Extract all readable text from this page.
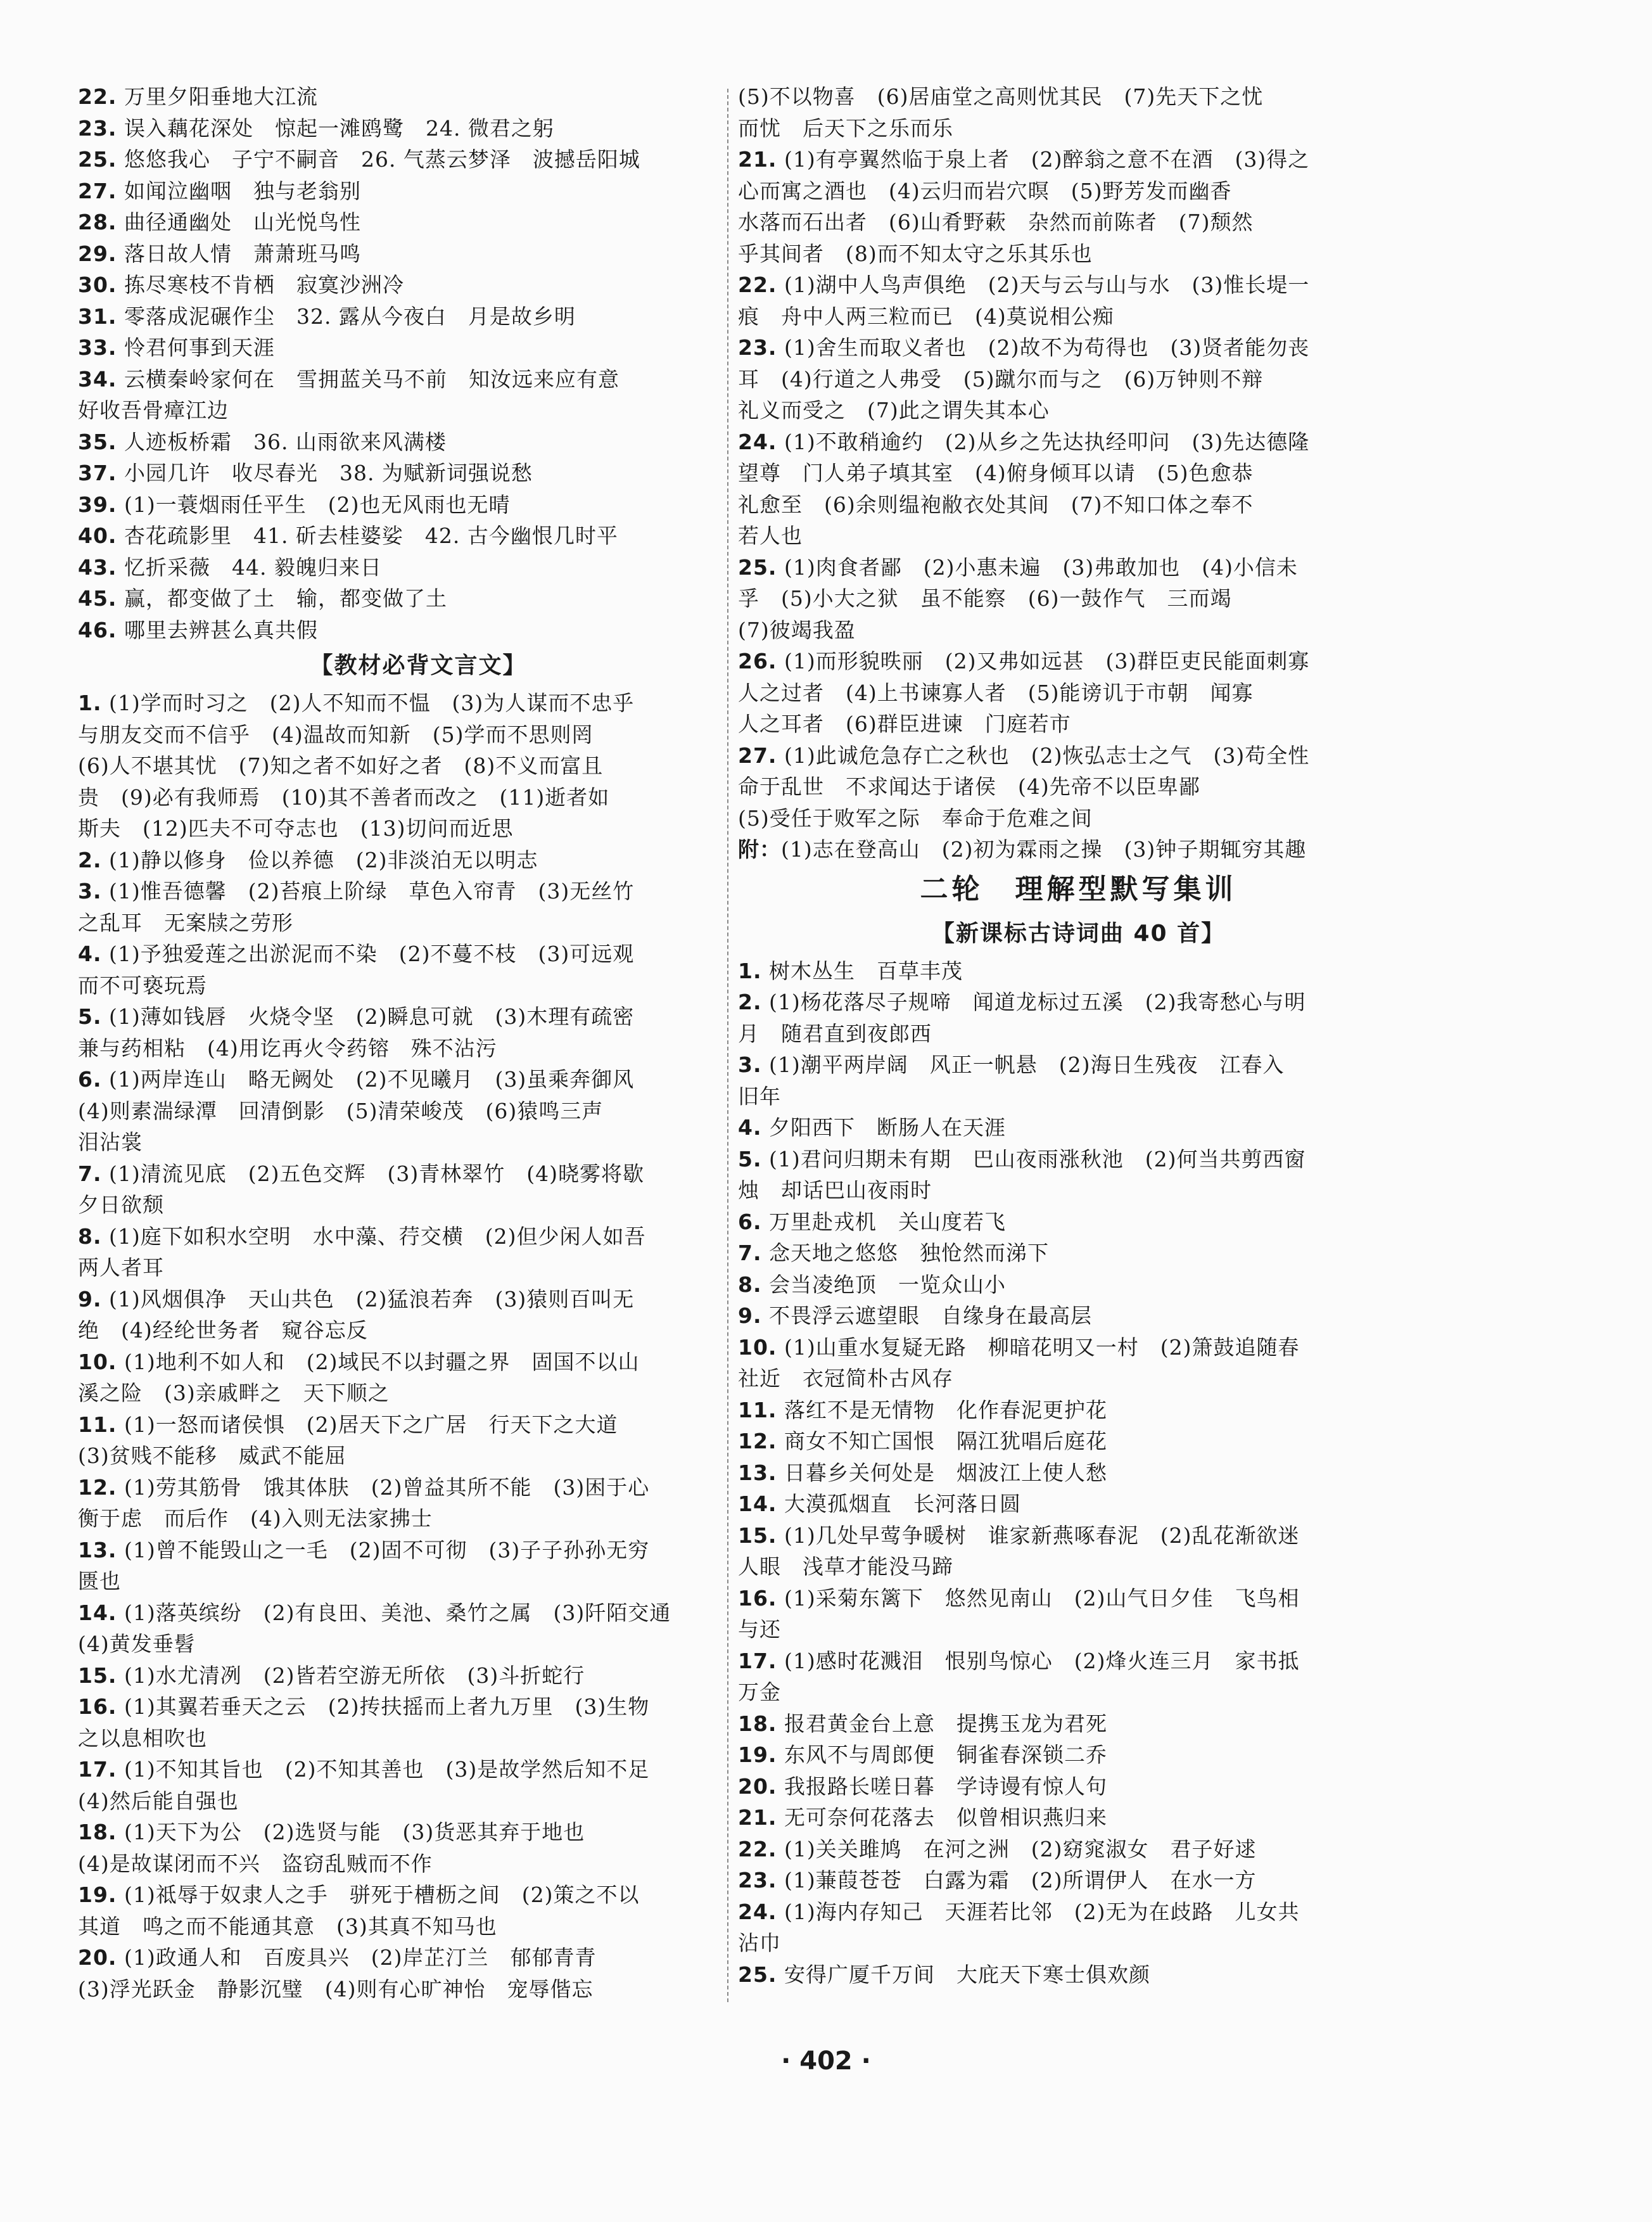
22. 万里夕阳垂地大江流
23. 误入藕花深处　惊起一滩鸥鹭　24. 微君之躬
25. 悠悠我心　子宁不嗣音　26. 气蒸云梦泽　波撼岳阳城
27. 如闻泣幽咽　独与老翁别
28. 曲径通幽处　山光悦鸟性
29. 落日故人情　萧萧班马鸣
30. 拣尽寒枝不肯栖　寂寞沙洲冷
31. 零落成泥碾作尘　32. 露从今夜白　月是故乡明
33. 怜君何事到天涯
34. 云横秦岭家何在　雪拥蓝关马不前　知汝远来应有意
好收吾骨瘴江边
35. 人迹板桥霜　36. 山雨欲来风满楼
37. 小园几许　收尽春光　38. 为赋新词强说愁
39. (1)一蓑烟雨任平生　(2)也无风雨也无晴
40. 杏花疏影里　41. 斫去桂婆娑　42. 古今幽恨几时平
43. 忆折采薇　44. 毅魄归来日
45. 赢，都变做了土　输，都变做了土
46. 哪里去辨甚么真共假
【教材必背文言文】
1. (1)学而时习之　(2)人不知而不愠　(3)为人谋而不忠乎
与朋友交而不信乎　(4)温故而知新　(5)学而不思则罔
(6)人不堪其忧　(7)知之者不如好之者　(8)不义而富且
贵　(9)必有我师焉　(10)其不善者而改之　(11)逝者如
斯夫　(12)匹夫不可夺志也　(13)切问而近思
2. (1)静以修身　俭以养德　(2)非淡泊无以明志
3. (1)惟吾德馨　(2)苔痕上阶绿　草色入帘青　(3)无丝竹
之乱耳　无案牍之劳形
4. (1)予独爱莲之出淤泥而不染　(2)不蔓不枝　(3)可远观
而不可亵玩焉
5. (1)薄如钱唇　火烧令坚　(2)瞬息可就　(3)木理有疏密
兼与药相粘　(4)用讫再火令药镕　殊不沾污
6. (1)两岸连山　略无阙处　(2)不见曦月　(3)虽乘奔御风
(4)则素湍绿潭　回清倒影　(5)清荣峻茂　(6)猿鸣三声
泪沾裳
7. (1)清流见底　(2)五色交辉　(3)青林翠竹　(4)晓雾将歇
夕日欲颓
8. (1)庭下如积水空明　水中藻、荇交横　(2)但少闲人如吾
两人者耳
9. (1)风烟俱净　天山共色　(2)猛浪若奔　(3)猿则百叫无
绝　(4)经纶世务者　窥谷忘反
10. (1)地利不如人和　(2)域民不以封疆之界　固国不以山
溪之险　(3)亲戚畔之　天下顺之
11. (1)一怒而诸侯惧　(2)居天下之广居　行天下之大道
(3)贫贱不能移　威武不能屈
12. (1)劳其筋骨　饿其体肤　(2)曾益其所不能　(3)困于心
衡于虑　而后作　(4)入则无法家拂士
13. (1)曾不能毁山之一毛　(2)固不可彻　(3)子子孙孙无穷
匮也
14. (1)落英缤纷　(2)有良田、美池、桑竹之属　(3)阡陌交通
(4)黄发垂髫
15. (1)水尤清冽　(2)皆若空游无所依　(3)斗折蛇行
16. (1)其翼若垂天之云　(2)抟扶摇而上者九万里　(3)生物
之以息相吹也
17. (1)不知其旨也　(2)不知其善也　(3)是故学然后知不足
(4)然后能自强也
18. (1)天下为公　(2)选贤与能　(3)货恶其弃于地也
(4)是故谋闭而不兴　盗窃乱贼而不作
19. (1)祗辱于奴隶人之手　骈死于槽枥之间　(2)策之不以
其道　鸣之而不能通其意　(3)其真不知马也
20. (1)政通人和　百废具兴　(2)岸芷汀兰　郁郁青青
(3)浮光跃金　静影沉璧　(4)则有心旷神怡　宠辱偕忘
(5)不以物喜　(6)居庙堂之高则忧其民　(7)先天下之忧
而忧　后天下之乐而乐
21. (1)有亭翼然临于泉上者　(2)醉翁之意不在酒　(3)得之
心而寓之酒也　(4)云归而岩穴暝　(5)野芳发而幽香
水落而石出者　(6)山肴野蔌　杂然而前陈者　(7)颓然
乎其间者　(8)而不知太守之乐其乐也
22. (1)湖中人鸟声俱绝　(2)天与云与山与水　(3)惟长堤一
痕　舟中人两三粒而已　(4)莫说相公痴
23. (1)舍生而取义者也　(2)故不为苟得也　(3)贤者能勿丧
耳　(4)行道之人弗受　(5)蹴尔而与之　(6)万钟则不辩
礼义而受之　(7)此之谓失其本心
24. (1)不敢稍逾约　(2)从乡之先达执经叩问　(3)先达德隆
望尊　门人弟子填其室　(4)俯身倾耳以请　(5)色愈恭
礼愈至　(6)余则缊袍敝衣处其间　(7)不知口体之奉不
若人也
25. (1)肉食者鄙　(2)小惠未遍　(3)弗敢加也　(4)小信未
孚　(5)小大之狱　虽不能察　(6)一鼓作气　三而竭
(7)彼竭我盈
26. (1)而形貌昳丽　(2)又弗如远甚　(3)群臣吏民能面刺寡
人之过者　(4)上书谏寡人者　(5)能谤讥于市朝　闻寡
人之耳者　(6)群臣进谏　门庭若市
27. (1)此诚危急存亡之秋也　(2)恢弘志士之气　(3)苟全性
命于乱世　不求闻达于诸侯　(4)先帝不以臣卑鄙
(5)受任于败军之际　奉命于危难之间
附：(1)志在登高山　(2)初为霖雨之操　(3)钟子期辄穷其趣
二轮　理解型默写集训
【新课标古诗词曲 40 首】
1. 树木丛生　百草丰茂
2. (1)杨花落尽子规啼　闻道龙标过五溪　(2)我寄愁心与明
月　随君直到夜郎西
3. (1)潮平两岸阔　风正一帆悬　(2)海日生残夜　江春入
旧年
4. 夕阳西下　断肠人在天涯
5. (1)君问归期未有期　巴山夜雨涨秋池　(2)何当共剪西窗
烛　却话巴山夜雨时
6. 万里赴戎机　关山度若飞
7. 念天地之悠悠　独怆然而涕下
8. 会当凌绝顶　一览众山小
9. 不畏浮云遮望眼　自缘身在最高层
10. (1)山重水复疑无路　柳暗花明又一村　(2)箫鼓追随春
社近　衣冠简朴古风存
11. 落红不是无情物　化作春泥更护花
12. 商女不知亡国恨　隔江犹唱后庭花
13. 日暮乡关何处是　烟波江上使人愁
14. 大漠孤烟直　长河落日圆
15. (1)几处早莺争暖树　谁家新燕啄春泥　(2)乱花渐欲迷
人眼　浅草才能没马蹄
16. (1)采菊东篱下　悠然见南山　(2)山气日夕佳　飞鸟相
与还
17. (1)感时花溅泪　恨别鸟惊心　(2)烽火连三月　家书抵
万金
18. 报君黄金台上意　提携玉龙为君死
19. 东风不与周郎便　铜雀春深锁二乔
20. 我报路长嗟日暮　学诗谩有惊人句
21. 无可奈何花落去　似曾相识燕归来
22. (1)关关雎鸠　在河之洲　(2)窈窕淑女　君子好逑
23. (1)蒹葭苍苍　白露为霜　(2)所谓伊人　在水一方
24. (1)海内存知己　天涯若比邻　(2)无为在歧路　儿女共
沾巾
25. 安得广厦千万间　大庇天下寒士俱欢颜
· 402 ·
